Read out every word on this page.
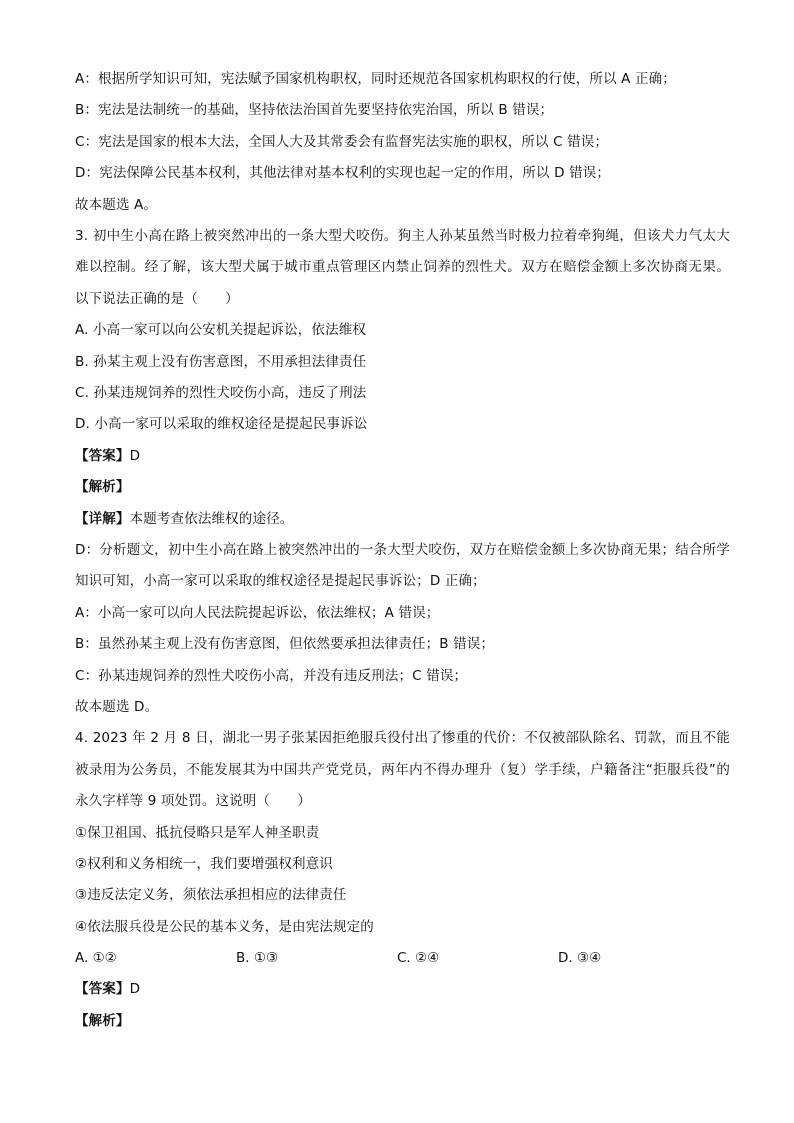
A：根据所学知识可知，宪法赋予国家机构职权，同时还规范各国家机构职权的行使，所以 A 正确；
B：宪法是法制统一的基础，坚持依法治国首先要坚持依宪治国，所以 B 错误；
C：宪法是国家的根本大法，全国人大及其常委会有监督宪法实施的职权，所以 C 错误；
D：宪法保障公民基本权利，其他法律对基本权利的实现也起一定的作用，所以 D 错误；
故本题选 A。
3. 初中生小高在路上被突然冲出的一条大型犬咬伤。狗主人孙某虽然当时极力拉着牵狗绳，但该犬力气太大难以控制。经了解，该大型犬属于城市重点管理区内禁止饲养的烈性犬。双方在赔偿金额上多次协商无果。以下说法正确的是（　　）
A. 小高一家可以向公安机关提起诉讼，依法维权
B. 孙某主观上没有伤害意图，不用承担法律责任
C. 孙某违规饲养的烈性犬咬伤小高，违反了刑法
D. 小高一家可以采取的维权途径是提起民事诉讼
【答案】D
【解析】
【详解】本题考查依法维权的途径。
D：分析题文，初中生小高在路上被突然冲出的一条大型犬咬伤，双方在赔偿金额上多次协商无果；结合所学知识可知，小高一家可以采取的维权途径是提起民事诉讼；D 正确；
A：小高一家可以向人民法院提起诉讼，依法维权；A 错误；
B：虽然孙某主观上没有伤害意图，但依然要承担法律责任；B 错误；
C：孙某违规饲养的烈性犬咬伤小高，并没有违反刑法；C 错误；
故本题选 D。
4. 2023 年 2 月 8 日，湖北一男子张某因拒绝服兵役付出了惨重的代价：不仅被部队除名、罚款，而且不能被录用为公务员，不能发展其为中国共产党党员，两年内不得办理升（复）学手续，户籍备注“拒服兵役”的永久字样等 9 项处罚。这说明（　　）
①保卫祖国、抵抗侵略只是军人神圣职责
②权利和义务相统一，我们要增强权利意识
③违反法定义务，须依法承担相应的法律责任
④依法服兵役是公民的基本义务，是由宪法规定的
A. ①②	B. ①③	C. ②④	D. ③④
【答案】D
【解析】
